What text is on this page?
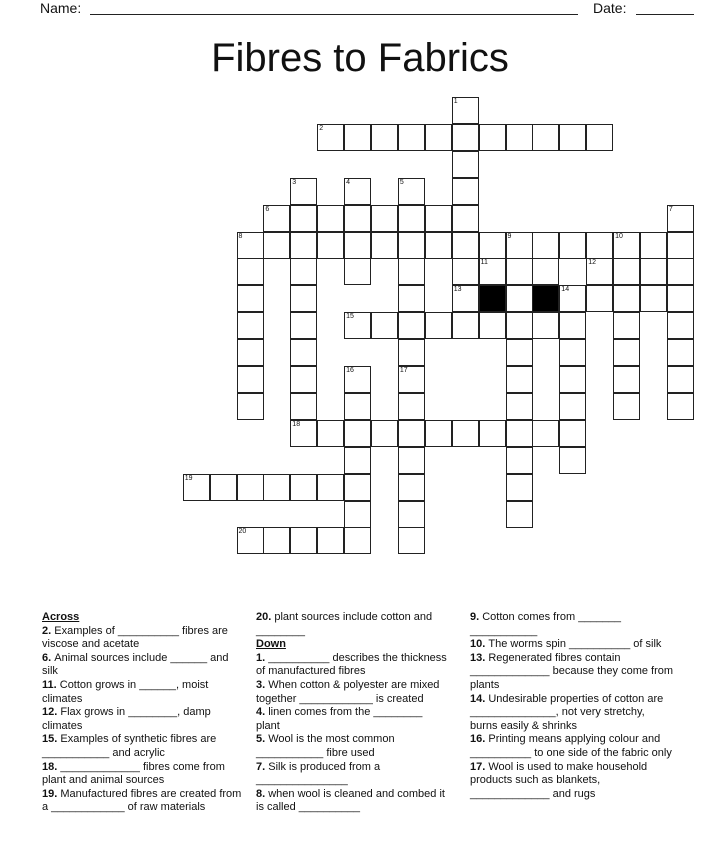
Name:	Date:
Fibres to Fabrics
1
2
3
18
4	5
17
6	7
8	9	10
11	12
13	14
15
16
19
20
Across
2. Examples of __________ fibres are viscose and acetate
6. Animal sources include ______ and silk
11. Cotton grows in ______, moist climates
12. Flax grows in ________, damp climates
15. Examples of synthetic fibres are ___________ and acrylic
18. _____________ fibres come from plant and animal sources
19. Manufactured fibres are created from a ____________ of raw materials
20. plant sources include cotton and ________
Down
1. __________ describes the thickness of manufactured fibres
3. When cotton & polyester are mixed together ____________ is created
4. linen comes from the ________ plant
5. Wool is the most common ___________ fibre used
7. Silk is produced from a _______________
8. when wool is cleaned and combed it is called __________
9. Cotton comes from _______ ___________
10. The worms spin __________ of silk
13. Regenerated fibres contain _____________ because they come from plants
14. Undesirable properties of cotton are ______________, not very stretchy, burns easily & shrinks
16. Printing means applying colour and __________ to one side of the fabric only
17. Wool is used to make household products such as blankets, _____________ and rugs
